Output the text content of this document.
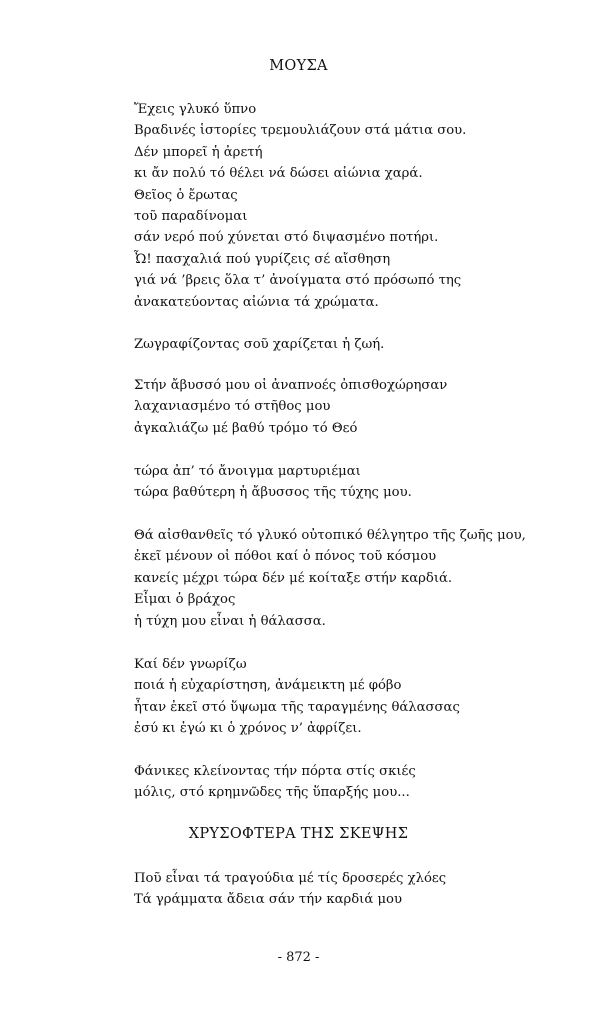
ΜΟΥΣΑ
Ἔχεις γλυκό ὕπνο
Βραδινές ἱστορίες τρεμουλιάζουν στά μάτια σου.
Δέν μπορεῖ ἡ ἀρετή
κι ἄν πολύ τό θέλει νά δώσει αἰώνια χαρά.
Θεῖος ὁ ἔρωτας
τοῦ παραδίνομαι
σάν νερό πού χύνεται στό διψασμένο ποτήρι.
Ὦ! πασχαλιά πού γυρίζεις σέ αἴσθηση
γιά νά ’βρεις ὅλα τ’ ἀνοίγματα στό πρόσωπό της
ἀνακατεύοντας αἰώνια τά χρώματα.
Ζωγραφίζοντας σοῦ χαρίζεται ἡ ζωή.
Στήν ἄβυσσό μου οἱ ἀναπνοές ὀπισθοχώρησαν
λαχανιασμένο τό στῆθος μου
ἀγκαλιάζω μέ βαθύ τρόμο τό Θεό
τώρα ἀπ’ τό ἄνοιγμα μαρτυριέμαι
τώρα βαθύτερη ἡ ἄβυσσος τῆς τύχης μου.
Θά αἰσθανθεῖς τό γλυκό οὐτοπικό θέλγητρο τῆς ζωῆς μου,
ἐκεῖ μένουν οἱ πόθοι καί ὁ πόνος τοῦ κόσμου
κανείς μέχρι τώρα δέν μέ κοίταξε στήν καρδιά.
Εἶμαι ὁ βράχος
ἡ τύχη μου εἶναι ἡ θάλασσα.
Καί δέν γνωρίζω
ποιά ἡ εὐχαρίστηση, ἀνάμεικτη μέ φόβο
ἦταν ἐκεῖ στό ὕψωμα τῆς ταραγμένης θάλασσας
ἐσύ κι ἐγώ κι ὁ χρόνος ν’ ἀφρίζει.
Φάνικες κλείνοντας τήν πόρτα στίς σκιές
μόλις, στό κρημνῶδες τῆς ὕπαρξής μου...
ΧΡΥΣΟΦΤΕΡΑ ΤΗΣ ΣΚΕΨΗΣ
Ποῦ εἶναι τά τραγούδια μέ τίς δροσερές χλόες
Τά γράμματα ἄδεια σάν τήν καρδιά μου
- 872 -
